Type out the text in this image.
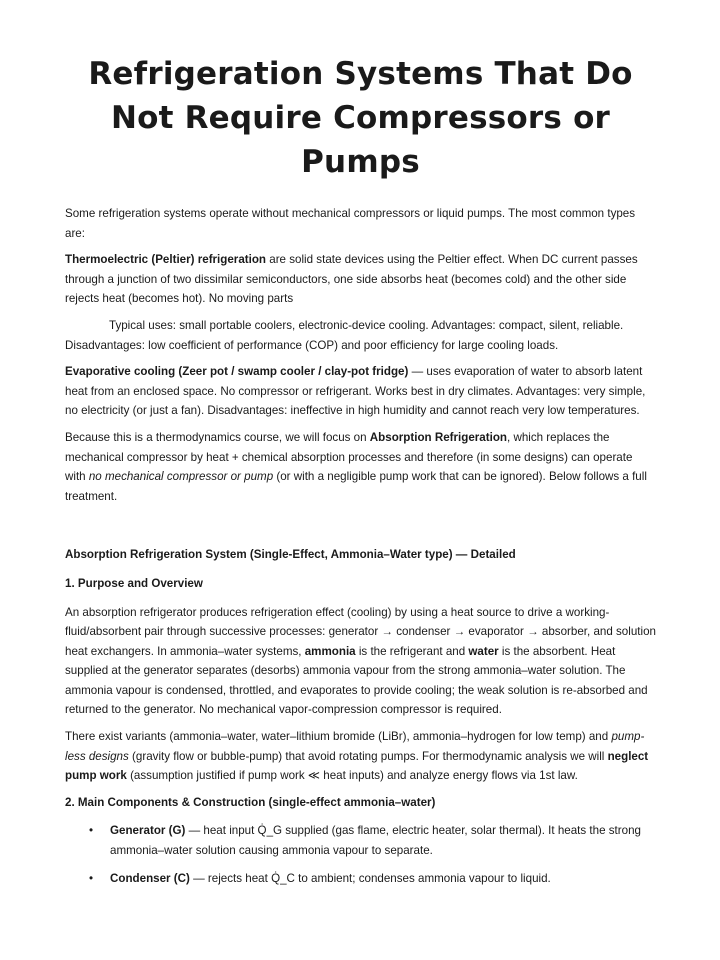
Refrigeration Systems That Do Not Require Compressors or Pumps

Some refrigeration systems operate without mechanical compressors or liquid pumps. The most common types are:

Thermoelectric (Peltier) refrigeration are solid state devices using the Peltier effect. When DC current passes through a junction of two dissimilar semiconductors, one side absorbs heat (becomes cold) and the other side rejects heat (becomes hot). No moving parts

Typical uses: small portable coolers, electronic-device cooling. Advantages: compact, silent, reliable. Disadvantages: low coefficient of performance (COP) and poor efficiency for large cooling loads.

Evaporative cooling (Zeer pot / swamp cooler / clay-pot fridge) — uses evaporation of water to absorb latent heat from an enclosed space. No compressor or refrigerant. Works best in dry climates. Advantages: very simple, no electricity (or just a fan). Disadvantages: ineffective in high humidity and cannot reach very low temperatures.

Because this is a thermodynamics course, we will focus on Absorption Refrigeration, which replaces the mechanical compressor by heat + chemical absorption processes and therefore (in some designs) can operate with no mechanical compressor or pump (or with a negligible pump work that can be ignored). Below follows a full treatment.

Absorption Refrigeration System (Single-Effect, Ammonia–Water type) — Detailed

1. Purpose and Overview

An absorption refrigerator produces refrigeration effect (cooling) by using a heat source to drive a working-fluid/absorbent pair through successive processes: generator → condenser → evaporator → absorber, and solution heat exchangers. In ammonia–water systems, ammonia is the refrigerant and water is the absorbent. Heat supplied at the generator separates (desorbs) ammonia vapour from the strong ammonia–water solution. The ammonia vapour is condensed, throttled, and evaporates to provide cooling; the weak solution is re-absorbed and returned to the generator. No mechanical vapor-compression compressor is required.

There exist variants (ammonia–water, water–lithium bromide (LiBr), ammonia–hydrogen for low temp) and pump-less designs (gravity flow or bubble-pump) that avoid rotating pumps. For thermodynamic analysis we will neglect pump work (assumption justified if pump work ≪ heat inputs) and analyze energy flows via 1st law.

2. Main Components & Construction (single-effect ammonia–water)

• Generator (G) — heat input Q̇_G supplied (gas flame, electric heater, solar thermal). It heats the strong ammonia–water solution causing ammonia vapour to separate.
• Condenser (C) — rejects heat Q̇_C to ambient; condenses ammonia vapour to liquid.
